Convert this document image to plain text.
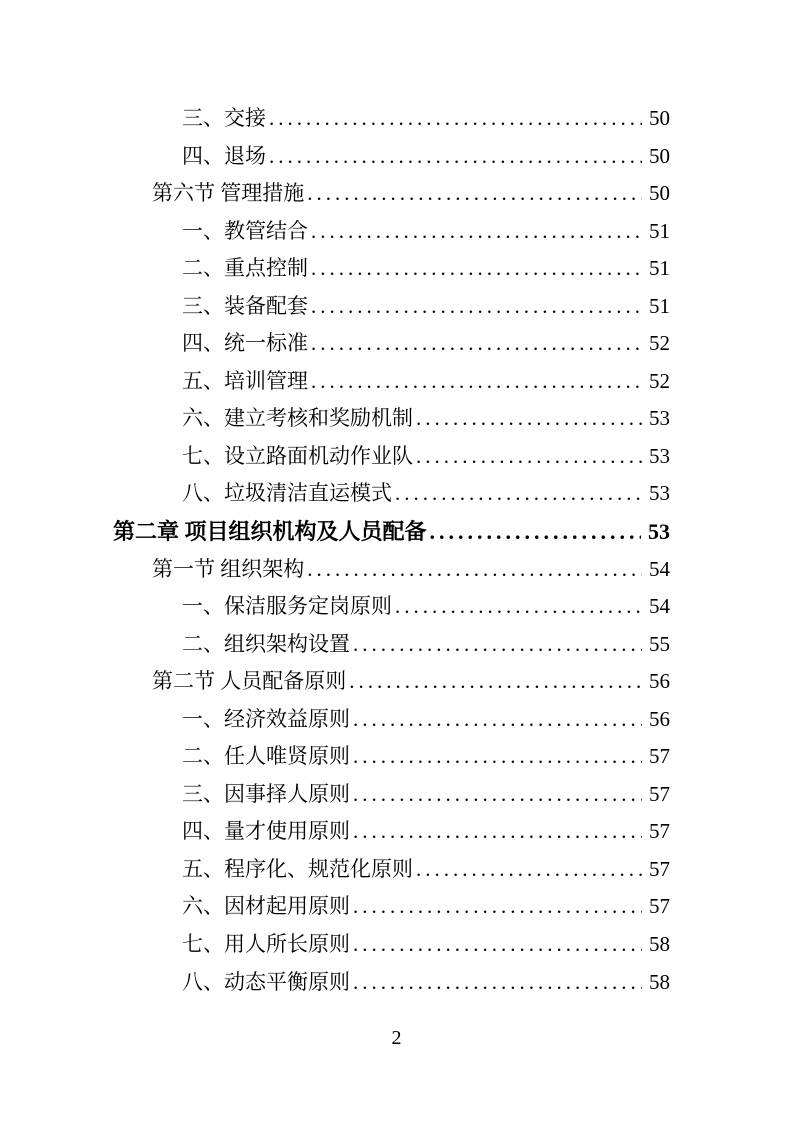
三、交接 .....	50
四、退场 .....	50
第六节 管理措施 .....	50
一、教管结合 .....	51
二、重点控制 .....	51
三、装备配套 .....	51
四、统一标准 .....	52
五、培训管理 .....	52
六、建立考核和奖励机制 .....	53
七、设立路面机动作业队 .....	53
八、垃圾清洁直运模式 .....	53
第二章 项目组织机构及人员配备 .....	53
第一节 组织架构 .....	54
一、保洁服务定岗原则 .....	54
二、组织架构设置 .....	55
第二节 人员配备原则 .....	56
一、经济效益原则 .....	56
二、任人唯贤原则 .....	57
三、因事择人原则 .....	57
四、量才使用原则 .....	57
五、程序化、规范化原则 .....	57
六、因材起用原则 .....	57
七、用人所长原则 .....	58
八、动态平衡原则 .....	58
2
